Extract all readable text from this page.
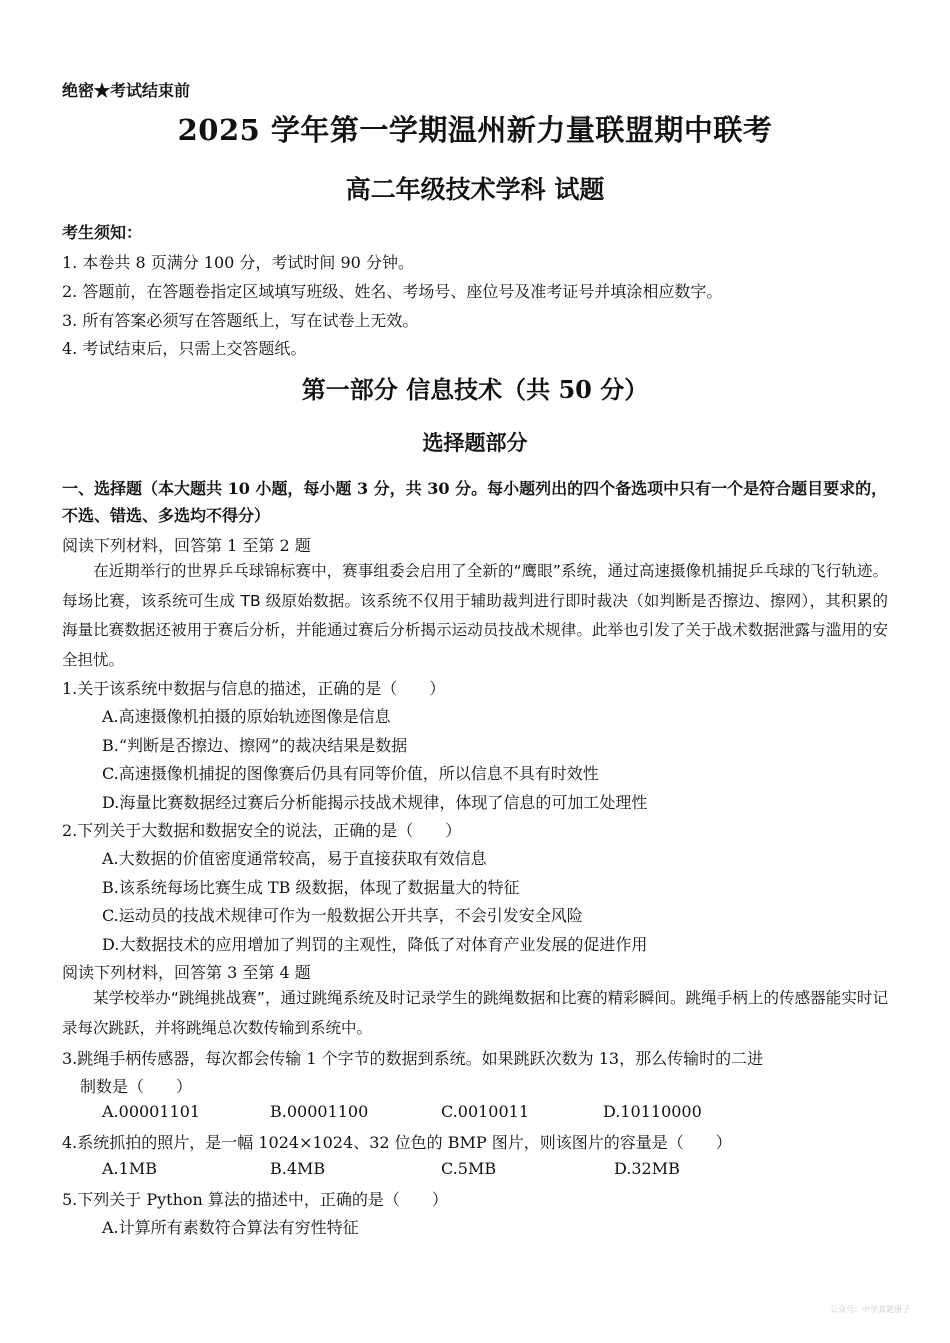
绝密★考试结束前
2025 学年第一学期温州新力量联盟期中联考
高二年级技术学科 试题
考生须知：
1. 本卷共 8 页满分 100 分，考试时间 90 分钟。
2. 答题前，在答题卷指定区域填写班级、姓名、考场号、座位号及准考证号并填涂相应数字。
3. 所有答案必须写在答题纸上，写在试卷上无效。
4. 考试结束后，只需上交答题纸。
第一部分 信息技术（共 50 分）
选择题部分
一、选择题（本大题共 10 小题，每小题 3 分，共 30 分。每小题列出的四个备选项中只有一个是符合题目要求的，不选、错选、多选均不得分）
阅读下列材料，回答第 1 至第 2 题
在近期举行的世界乒乓球锦标赛中，赛事组委会启用了全新的“鹰眼”系统，通过高速摄像机捕捉乒乓球的飞行轨迹。每场比赛，该系统可生成 TB 级原始数据。该系统不仅用于辅助裁判进行即时裁决（如判断是否擦边、擦网），其积累的海量比赛数据还被用于赛后分析，并能通过赛后分析揭示运动员技战术规律。此举也引发了关于战术数据泄露与滥用的安全担忧。
1.关于该系统中数据与信息的描述，正确的是（　　）
A.高速摄像机拍摄的原始轨迹图像是信息
B.“判断是否擦边、擦网”的裁决结果是数据
C.高速摄像机捕捉的图像赛后仍具有同等价值，所以信息不具有时效性
D.海量比赛数据经过赛后分析能揭示技战术规律，体现了信息的可加工处理性
2.下列关于大数据和数据安全的说法，正确的是（　　）
A.大数据的价值密度通常较高，易于直接获取有效信息
B.该系统每场比赛生成 TB 级数据，体现了数据量大的特征
C.运动员的技战术规律可作为一般数据公开共享，不会引发安全风险
D.大数据技术的应用增加了判罚的主观性，降低了对体育产业发展的促进作用
阅读下列材料，回答第 3 至第 4 题
某学校举办“跳绳挑战赛”，通过跳绳系统及时记录学生的跳绳数据和比赛的精彩瞬间。跳绳手柄上的传感器能实时记录每次跳跃，并将跳绳总次数传输到系统中。
3.跳绳手柄传感器，每次都会传输 1 个字节的数据到系统。如果跳跃次数为 13，那么传输时的二进
制数是（　　）
A.00001101	B.00001100	C.0010011	D.10110000
4.系统抓拍的照片，是一幅 1024×1024、32 位色的 BMP 图片，则该图片的容量是（　　）
A.1MB	B.4MB	C.5MB	D.32MB
5.下列关于 Python 算法的描述中，正确的是（　　）
A.计算所有素数符合算法有穷性特征
公众号：中学真题册子
